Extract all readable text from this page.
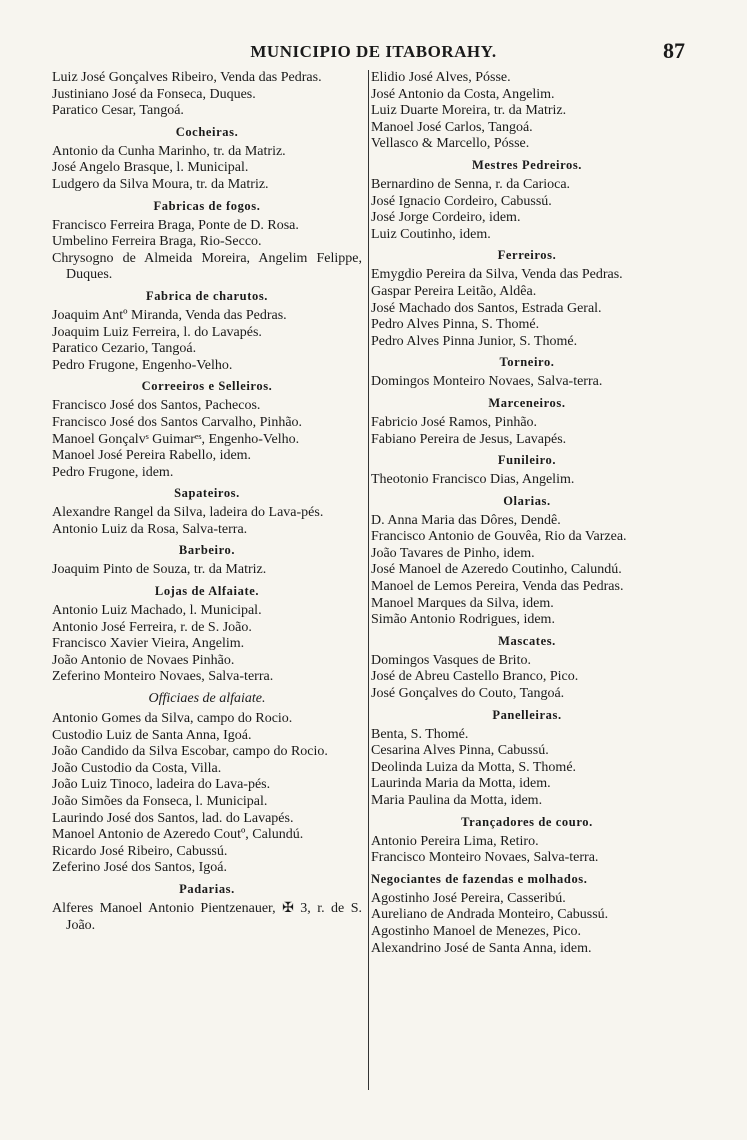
MUNICIPIO DE ITABORAHY.	87
Luiz José Gonçalves Ribeiro, Venda das Pedras.
Justiniano José da Fonseca, Duques.
Paratico Cesar, Tangoá.
Cocheiras.
Antonio da Cunha Marinho, tr. da Matriz.
José Angelo Brasque, l. Municipal.
Ludgero da Silva Moura, tr. da Matriz.
Fabricas de fogos.
Francisco Ferreira Braga, Ponte de D. Rosa.
Umbelino Ferreira Braga, Rio-Secco.
Chrysogno de Almeida Moreira, Angelim Felippe, Duques.
Fabrica de charutos.
Joaquim Antº Miranda, Venda das Pedras.
Joaquim Luiz Ferreira, l. do Lavapés.
Paratico Cezario, Tangoá.
Pedro Frugone, Engenho-Velho.
Correeiros e Selleiros.
Francisco José dos Santos, Pachecos.
Francisco José dos Santos Carvalho, Pinhão.
Manoel Gonçalvˢ Guimarᵉˢ, Engenho-Velho.
Manoel José Pereira Rabello, idem.
Pedro Frugone, idem.
Sapateiros.
Alexandre Rangel da Silva, ladeira do Lava-pés.
Antonio Luiz da Rosa, Salva-terra.
Barbeiro.
Joaquim Pinto de Souza, tr. da Matriz.
Lojas de Alfaiate.
Antonio Luiz Machado, l. Municipal.
Antonio José Ferreira, r. de S. João.
Francisco Xavier Vieira, Angelim.
João Antonio de Novaes Pinhão.
Zeferino Monteiro Novaes, Salva-terra.
Officiaes de alfaiate.
Antonio Gomes da Silva, campo do Rocio.
Custodio Luiz de Santa Anna, Igoá.
João Candido da Silva Escobar, campo do Rocio.
João Custodio da Costa, Villa.
João Luiz Tinoco, ladeira do Lava-pés.
João Simões da Fonseca, l. Municipal.
Laurindo José dos Santos, lad. do Lavapés.
Manoel Antonio de Azeredo Coutº, Calundú.
Ricardo José Ribeiro, Cabussú.
Zeferino José dos Santos, Igoá.
Padarias.
Alferes Manoel Antonio Pientzenauer, ✠ 3, r. de S. João.
Elidio José Alves, Pósse.
José Antonio da Costa, Angelim.
Luiz Duarte Moreira, tr. da Matriz.
Manoel José Carlos, Tangoá.
Vellasco & Marcello, Pósse.
Mestres Pedreiros.
Bernardino de Senna, r. da Carioca.
José Ignacio Cordeiro, Cabussú.
José Jorge Cordeiro, idem.
Luiz Coutinho, idem.
Ferreiros.
Emygdio Pereira da Silva, Venda das Pedras.
Gaspar Pereira Leitão, Aldêa.
José Machado dos Santos, Estrada Geral.
Pedro Alves Pinna, S. Thomé.
Pedro Alves Pinna Junior, S. Thomé.
Torneiro.
Domingos Monteiro Novaes, Salva-terra.
Marceneiros.
Fabricio José Ramos, Pinhão.
Fabiano Pereira de Jesus, Lavapés.
Funileiro.
Theotonio Francisco Dias, Angelim.
Olarias.
D. Anna Maria das Dôres, Dendê.
Francisco Antonio de Gouvêa, Rio da Varzea.
João Tavares de Pinho, idem.
José Manoel de Azeredo Coutinho, Calundú.
Manoel de Lemos Pereira, Venda das Pedras.
Manoel Marques da Silva, idem.
Simão Antonio Rodrigues, idem.
Mascates.
Domingos Vasques de Brito.
José de Abreu Castello Branco, Pico.
José Gonçalves do Couto, Tangoá.
Panelleiras.
Benta, S. Thomé.
Cesarina Alves Pinna, Cabussú.
Deolinda Luiza da Motta, S. Thomé.
Laurinda Maria da Motta, idem.
Maria Paulina da Motta, idem.
Trançadores de couro.
Antonio Pereira Lima, Retiro.
Francisco Monteiro Novaes, Salva-terra.
Negociantes de fazendas e molhados.
Agostinho José Pereira, Casseribú.
Aureliano de Andrada Monteiro, Cabussú.
Agostinho Manoel de Menezes, Pico.
Alexandrino José de Santa Anna, idem.
